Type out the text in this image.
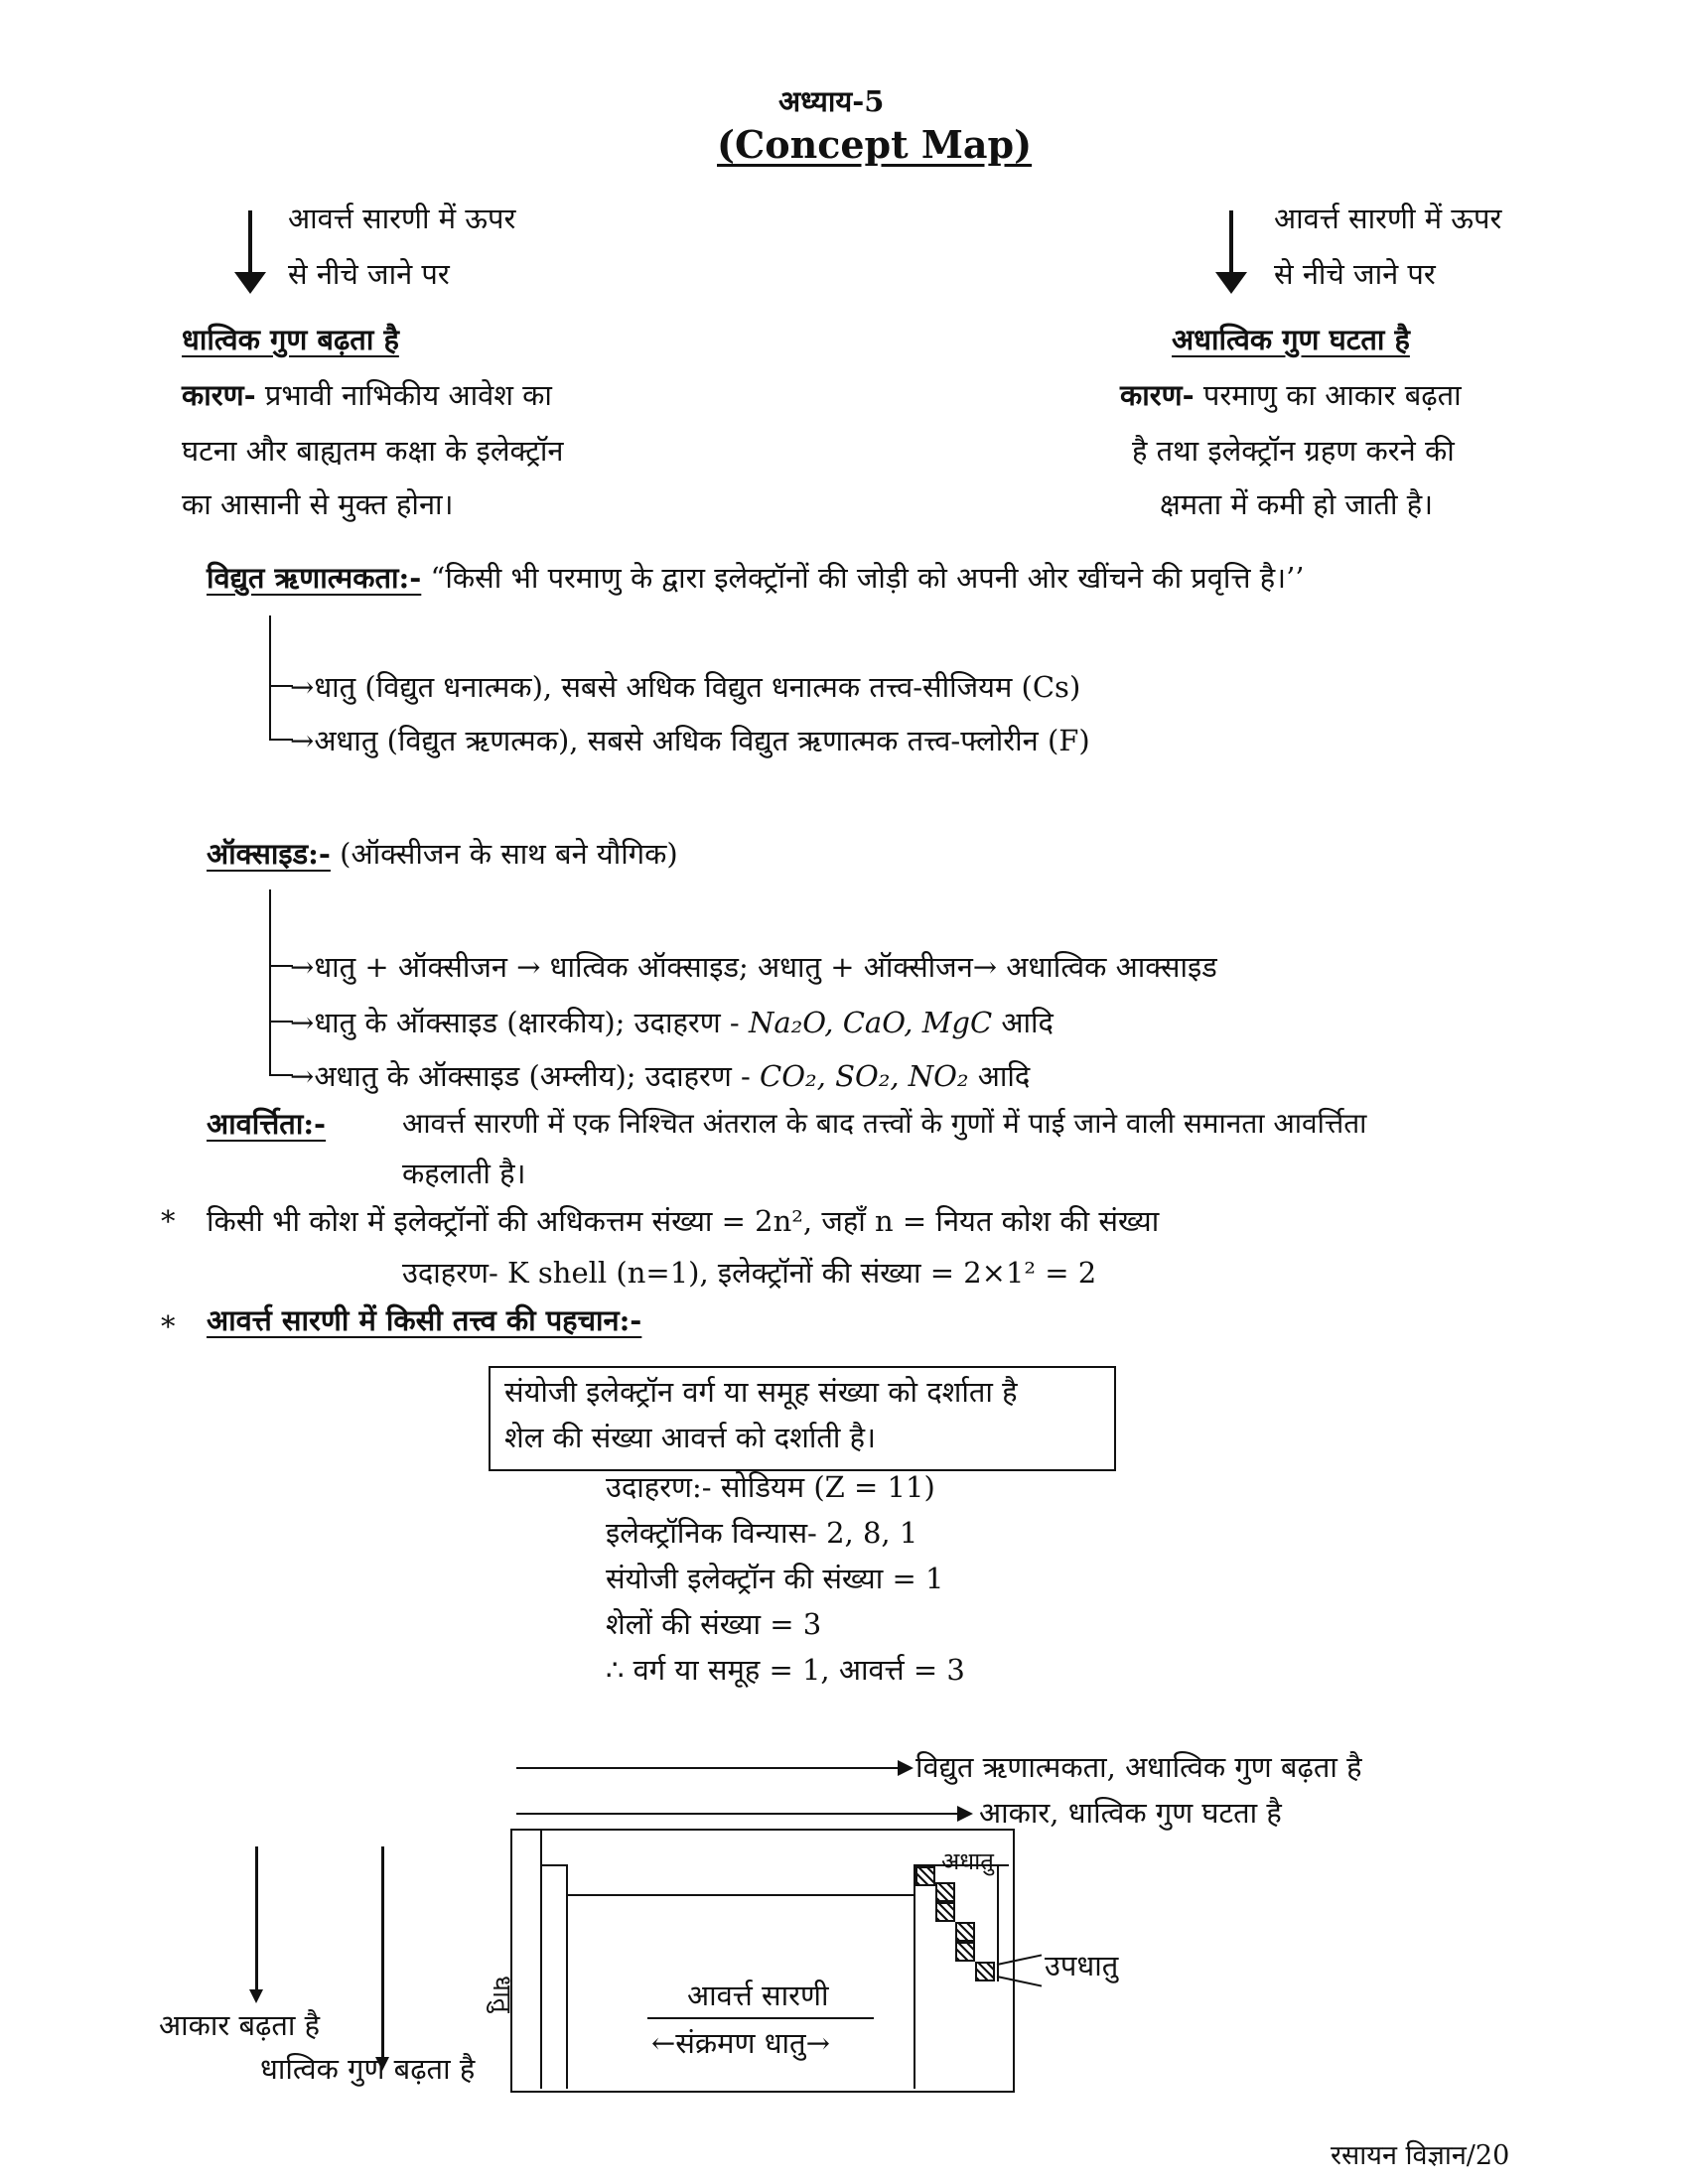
अध्याय-5
(Concept Map)
आवर्त्त सारणी में ऊपर
से नीचे जाने पर
धात्विक गुण बढ़ता है
कारण- प्रभावी नाभिकीय आवेश का
घटना और बाह्यतम कक्षा के इलेक्ट्रॉन
का आसानी से मुक्त होना।
आवर्त्त सारणी में ऊपर
से नीचे जाने पर
अधात्विक गुण घटता है
कारण- परमाणु का आकार बढ़ता
है तथा इलेक्ट्रॉन ग्रहण करने की
क्षमता में कमी हो जाती है।
विद्युत ऋणात्मकता:- “किसी भी परमाणु के द्वारा इलेक्ट्रॉनों की जोड़ी को अपनी ओर खींचने की प्रवृत्ति है।’’
→धातु (विद्युत धनात्मक), सबसे अधिक विद्युत धनात्मक तत्त्व-सीजियम (Cs)
→अधातु (विद्युत ऋणत्मक), सबसे अधिक विद्युत ऋणात्मक तत्त्व-फ्लोरीन (F)
ऑक्साइड:- (ऑक्सीजन के साथ बने यौगिक)
→धातु + ऑक्सीजन → धात्विक ऑक्साइड; अधातु + ऑक्सीजन→ अधात्विक आक्साइड
→धातु के ऑक्साइड (क्षारकीय); उदाहरण - Na₂O, CaO, MgC आदि
→अधातु के ऑक्साइड (अम्लीय); उदाहरण - CO₂, SO₂, NO₂ आदि
आवर्त्तिता:-	आवर्त्त सारणी में एक निश्चित अंतराल के बाद तत्त्वों के गुणों में पाई जाने वाली समानता आवर्त्तिता
कहलाती है।
* किसी भी कोश में इलेक्ट्रॉनों की अधिकत्तम संख्या = 2n², जहाँ n = नियत कोश की संख्या
उदाहरण- K shell (n=1), इलेक्ट्रॉनों की संख्या = 2×1² = 2
* आवर्त्त सारणी में किसी तत्त्व की पहचान:-
संयोजी इलेक्ट्रॉन वर्ग या समूह संख्या को दर्शाता है
शेल की संख्या आवर्त्त को दर्शाती है।
उदाहरण:- सोडियम (Z = 11)
इलेक्ट्रॉनिक विन्यास- 2, 8, 1
संयोजी इलेक्ट्रॉन की संख्या = 1
शेलों की संख्या = 3
∴ वर्ग या समूह = 1, आवर्त्त = 3
विद्युत ऋणात्मकता, अधात्विक गुण बढ़ता है
आकार, धात्विक गुण घटता है
आकार बढ़ता है
धात्विक गुण बढ़ता है
धातु	आवर्त्त सारणी
←संक्रमण धातु→
अधातु
उपधातु
रसायन विज्ञान/20
